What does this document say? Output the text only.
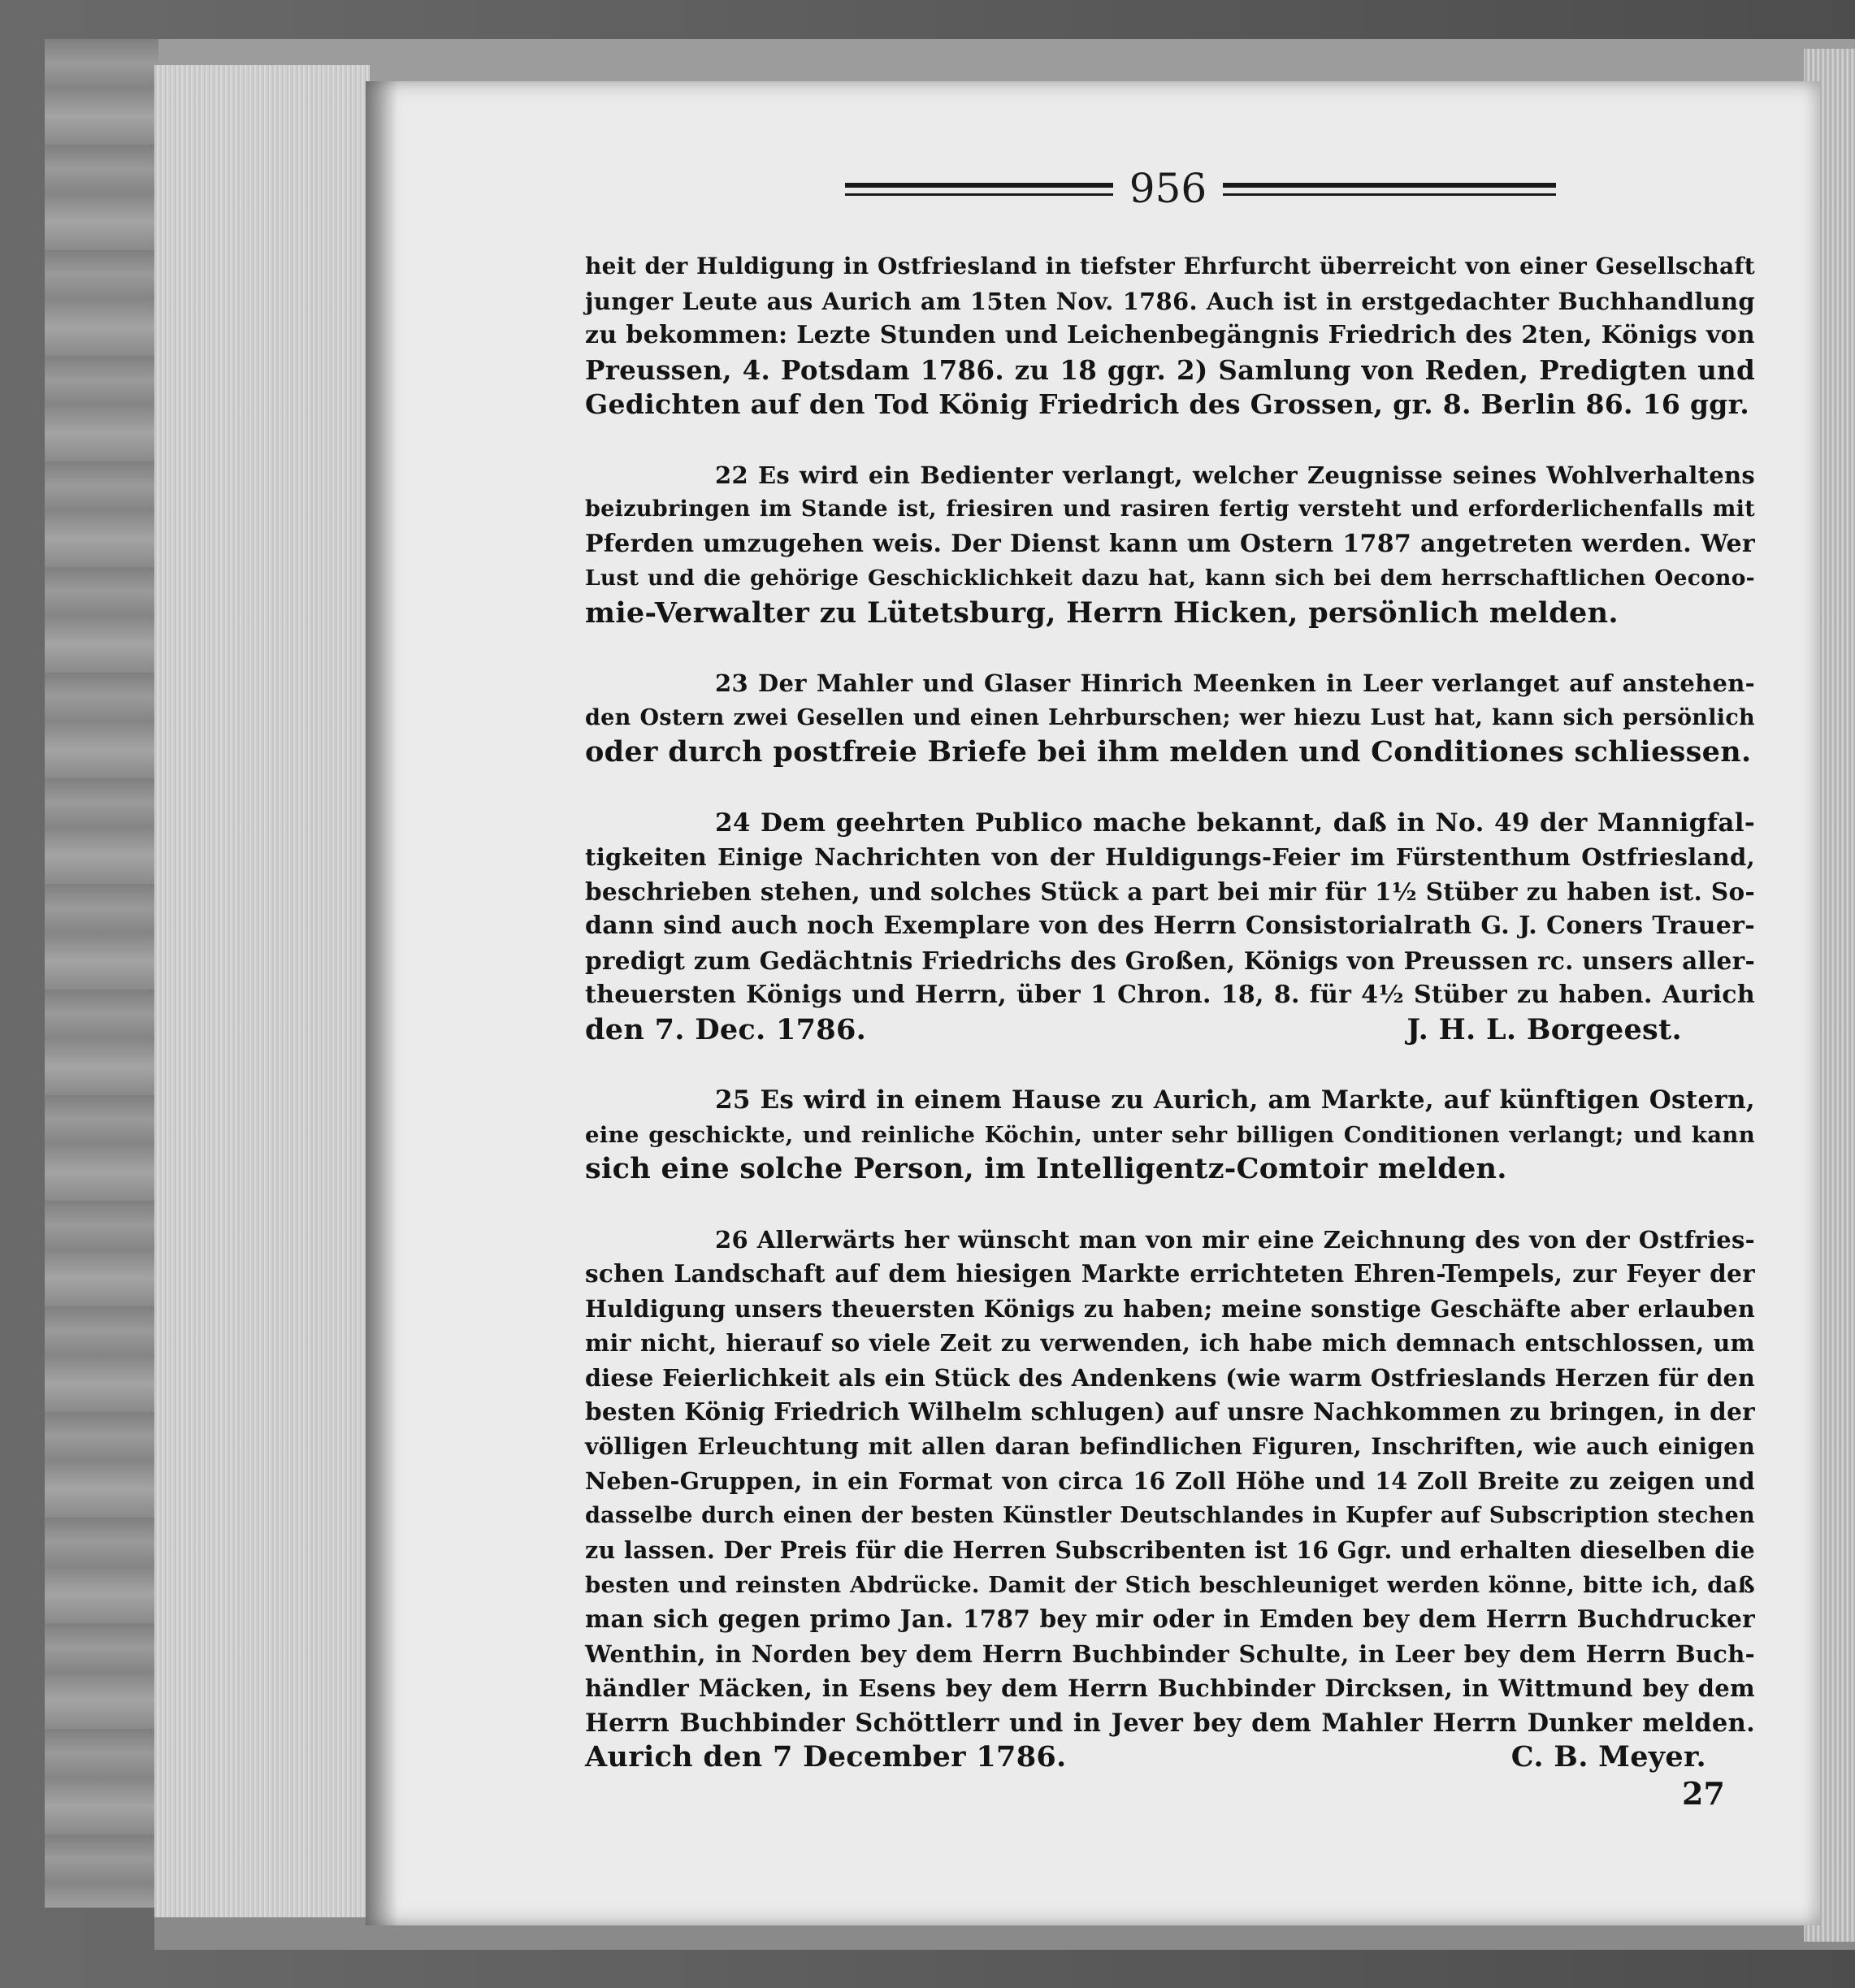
956
heit der Huldigung in Ostfriesland in tiefster Ehrfurcht überreicht von einer Gesellschaft
junger Leute aus Aurich am 15ten Nov. 1786. Auch ist in erstgedachter Buchhandlung
zu bekommen: Lezte Stunden und Leichenbegängnis Friedrich des 2ten, Königs von
Preussen, 4. Potsdam 1786. zu 18 ggr. 2) Samlung von Reden, Predigten und
Gedichten auf den Tod König Friedrich des Grossen, gr. 8. Berlin 86. 16 ggr.
22 Es wird ein Bedienter verlangt, welcher Zeugnisse seines Wohlverhaltens
beizubringen im Stande ist, friesiren und rasiren fertig versteht und erforderlichenfalls mit
Pferden umzugehen weis. Der Dienst kann um Ostern 1787 angetreten werden. Wer
Lust und die gehörige Geschicklichkeit dazu hat, kann sich bei dem herrschaftlichen Oecono-
mie-Verwalter zu Lütetsburg, Herrn Hicken, persönlich melden.
23 Der Mahler und Glaser Hinrich Meenken in Leer verlanget auf anstehen-
den Ostern zwei Gesellen und einen Lehrburschen; wer hiezu Lust hat, kann sich persönlich
oder durch postfreie Briefe bei ihm melden und Conditiones schliessen.
24 Dem geehrten Publico mache bekannt, daß in No. 49 der Mannigfal-
tigkeiten Einige Nachrichten von der Huldigungs-Feier im Fürstenthum Ostfriesland,
beschrieben stehen, und solches Stück a part bei mir für 1½ Stüber zu haben ist. So-
dann sind auch noch Exemplare von des Herrn Consistorialrath G. J. Coners Trauer-
predigt zum Gedächtnis Friedrichs des Großen, Königs von Preussen rc. unsers aller-
theuersten Königs und Herrn, über 1 Chron. 18, 8. für 4½ Stüber zu haben. Aurich
den 7. Dec. 1786.	J. H. L. Borgeest.
25 Es wird in einem Hause zu Aurich, am Markte, auf künftigen Ostern,
eine geschickte, und reinliche Köchin, unter sehr billigen Conditionen verlangt; und kann
sich eine solche Person, im Intelligentz-Comtoir melden.
26 Allerwärts her wünscht man von mir eine Zeichnung des von der Ostfries-
schen Landschaft auf dem hiesigen Markte errichteten Ehren-Tempels, zur Feyer der
Huldigung unsers theuersten Königs zu haben; meine sonstige Geschäfte aber erlauben
mir nicht, hierauf so viele Zeit zu verwenden, ich habe mich demnach entschlossen, um
diese Feierlichkeit als ein Stück des Andenkens (wie warm Ostfrieslands Herzen für den
besten König Friedrich Wilhelm schlugen) auf unsre Nachkommen zu bringen, in der
völligen Erleuchtung mit allen daran befindlichen Figuren, Inschriften, wie auch einigen
Neben-Gruppen, in ein Format von circa 16 Zoll Höhe und 14 Zoll Breite zu zeigen und
dasselbe durch einen der besten Künstler Deutschlandes in Kupfer auf Subscription stechen
zu lassen. Der Preis für die Herren Subscribenten ist 16 Ggr. und erhalten dieselben die
besten und reinsten Abdrücke. Damit der Stich beschleuniget werden könne, bitte ich, daß
man sich gegen primo Jan. 1787 bey mir oder in Emden bey dem Herrn Buchdrucker
Wenthin, in Norden bey dem Herrn Buchbinder Schulte, in Leer bey dem Herrn Buch-
händler Mäcken, in Esens bey dem Herrn Buchbinder Dircksen, in Wittmund bey dem
Herrn Buchbinder Schöttlerr und in Jever bey dem Mahler Herrn Dunker melden.
Aurich den 7 December 1786.	C. B. Meyer.
27
